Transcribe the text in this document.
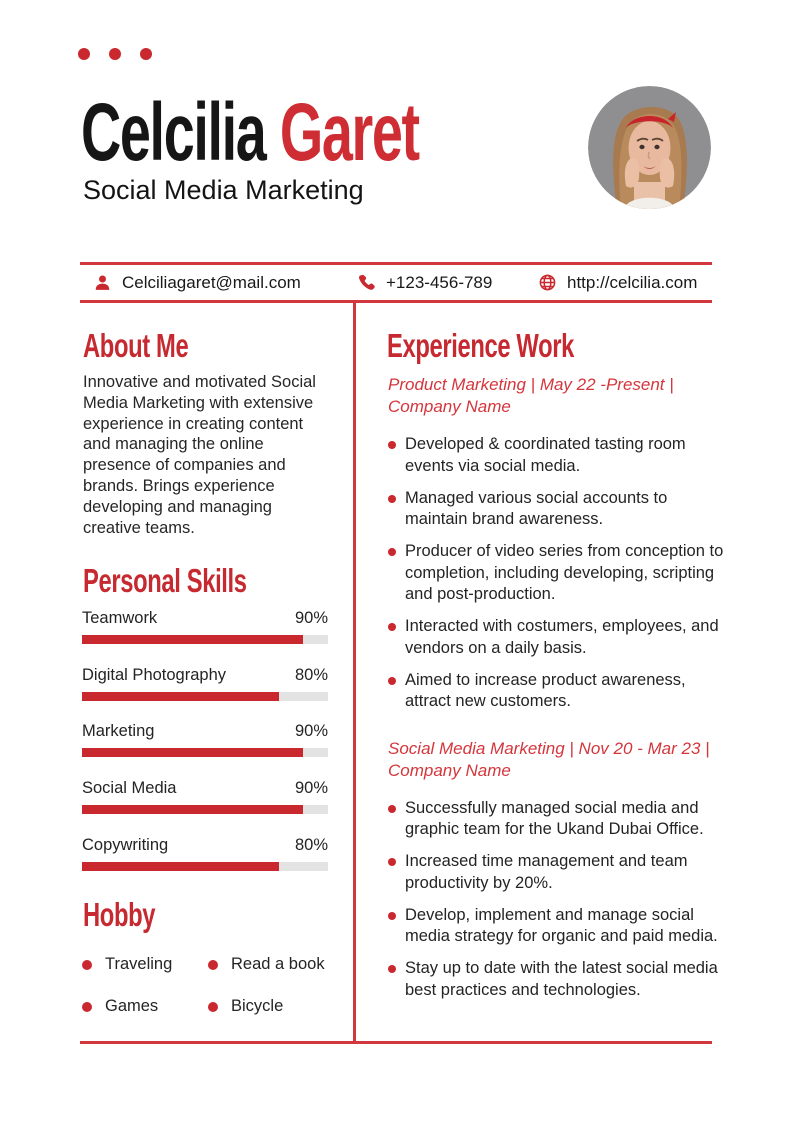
Celcilia Garet
Social Media Marketing
Celciliagaret@mail.com	+123-456-789	http://celcilia.com
About Me
Innovative and motivated Social Media Marketing with extensive experience in creating content and managing the online presence of companies and brands. Brings experience developing and managing creative teams.
Personal Skills
Teamwork	90%
Digital Photography	80%
Marketing	90%
Social Media	90%
Copywriting	80%
Hobby
Traveling	Read a book
Games	Bicycle
Experience Work
Product Marketing | May 22 -Present | Company Name
Developed & coordinated tasting room events via social media.
Managed various social accounts to maintain brand awareness.
Producer of video series from conception to completion, including developing, scripting and post-production.
Interacted with costumers, employees, and vendors on a daily basis.
Aimed to increase product awareness, attract new customers.
Social Media Marketing | Nov 20 - Mar 23 | Company Name
Successfully managed social media and graphic team for the Ukand Dubai Office.
Increased time management and team productivity by 20%.
Develop, implement and manage social media strategy for organic and paid media.
Stay up to date with the latest social media best practices and technologies.
